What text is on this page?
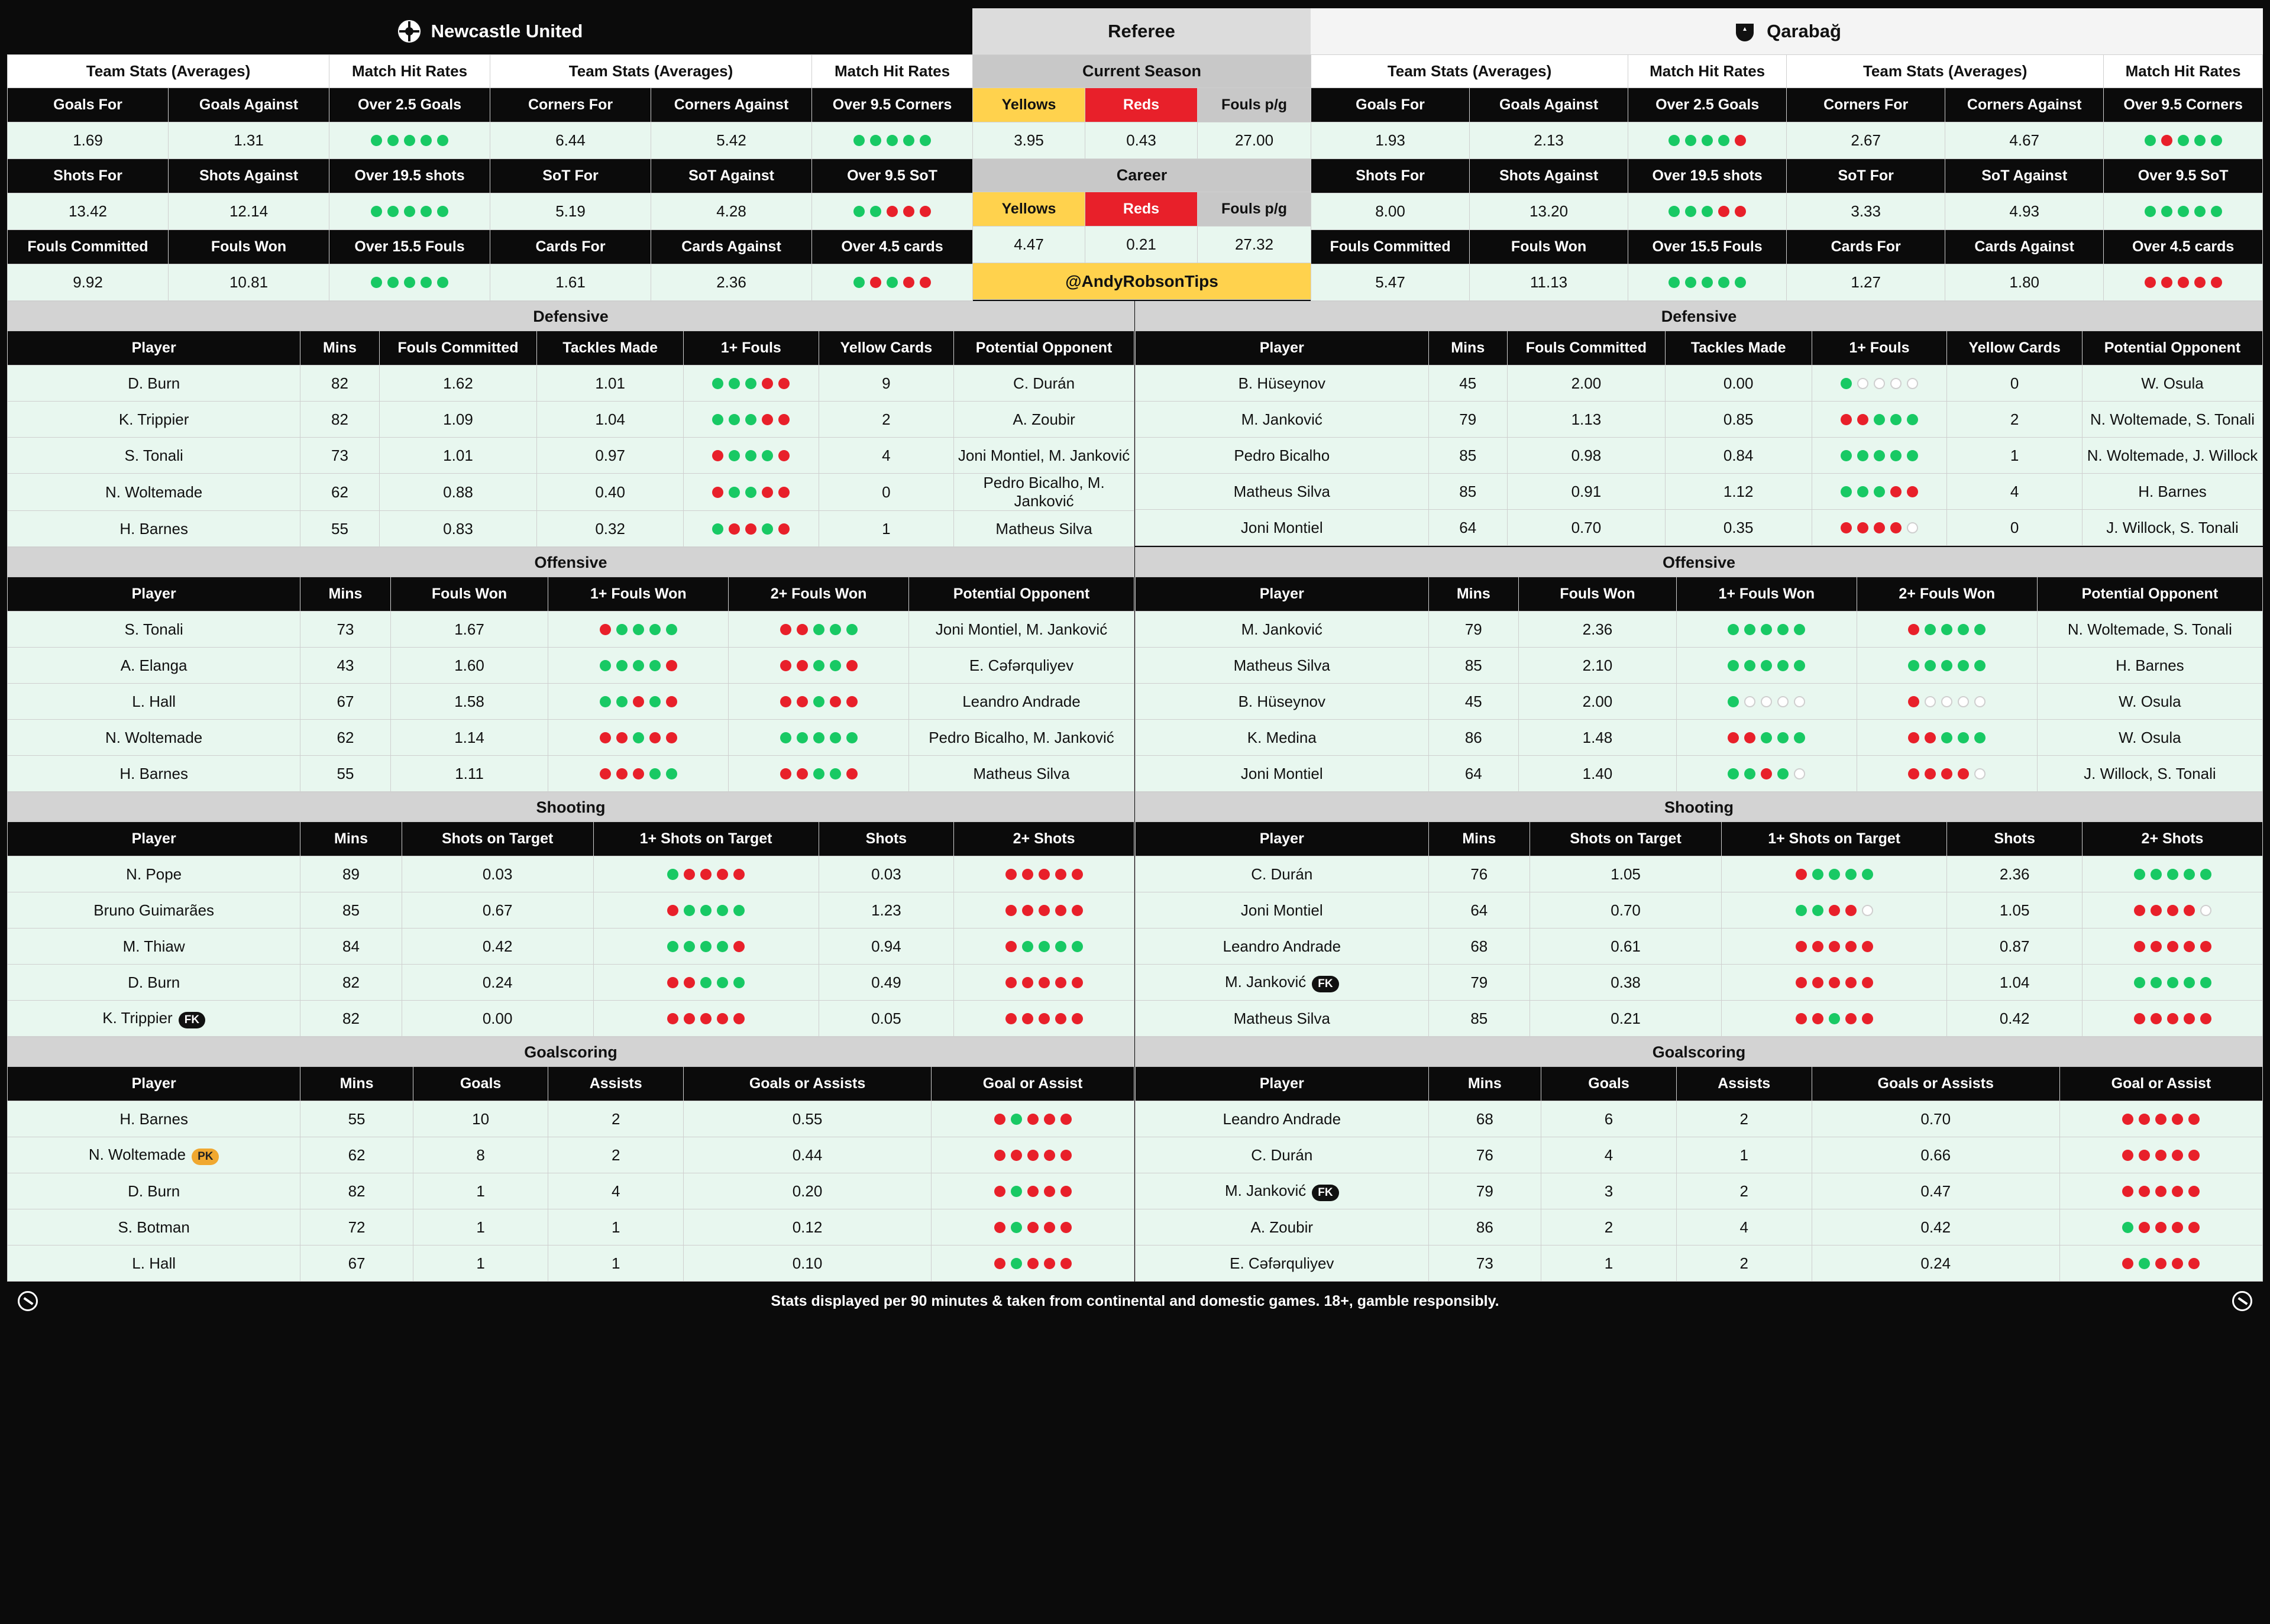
Newcastle United	Referee	Qarabağ
Team Stats (Averages)		Match Hit Rates	Team Stats (Averages)		Match Hit Rates
Goals For	Goals Against	Over 2.5 Goals	Corners For	Corners Against	Over 9.5 Corners
1.69	1.31		6.44	5.42	

Shots For	Shots Against	Over 19.5 shots	SoT For	SoT Against	Over 9.5 SoT
13.42	12.14		5.19	4.28	

Fouls Committed	Fouls Won	Over 15.5 Fouls	Cards For	Cards Against	Over 4.5 cards
9.92	10.81		1.61	2.36	
Current Season		
Yellows	Reds	Fouls p/g
3.95	0.43	27.00
Career		
Yellows	Reds	Fouls p/g
4.47	0.21	27.32
@AndyRobsonTips		
Team Stats (Averages)		Match Hit Rates	Team Stats (Averages)		Match Hit Rates
Goals For	Goals Against	Over 2.5 Goals	Corners For	Corners Against	Over 9.5 Corners
1.93	2.13		2.67	4.67	

Shots For	Shots Against	Over 19.5 shots	SoT For	SoT Against	Over 9.5 SoT
8.00	13.20		3.33	4.93	

Fouls Committed	Fouls Won	Over 15.5 Fouls	Cards For	Cards Against	Over 4.5 cards
5.47	11.13		1.27	1.80	
Defensive
Player	Mins	Fouls Committed	Tackles Made	1+ Fouls	Yellow Cards	Potential Opponent
D. Burn	82	1.62	1.01		9	C. Durán
K. Trippier	82	1.09	1.04		2	A. Zoubir
S. Tonali	73	1.01	0.97		4	Joni Montiel, M. Janković
N. Woltemade	62	0.88	0.40		0	Pedro Bicalho, M. Janković
H. Barnes	55	0.83	0.32		1	Matheus Silva
Defensive
Player	Mins	Fouls Committed	Tackles Made	1+ Fouls	Yellow Cards	Potential Opponent
B. Hüseynov	45	2.00	0.00		0	W. Osula
M. Janković	79	1.13	0.85		2	N. Woltemade, S. Tonali
Pedro Bicalho	85	0.98	0.84		1	N. Woltemade, J. Willock
Matheus Silva	85	0.91	1.12		4	H. Barnes
Joni Montiel	64	0.70	0.35		0	J. Willock, S. Tonali
Offensive
Player	Mins	Fouls Won	1+ Fouls Won	2+ Fouls Won	Potential Opponent
S. Tonali	73	1.67			Joni Montiel, M. Janković
A. Elanga	43	1.60			E. Cəfərquliyev
L. Hall	67	1.58			Leandro Andrade
N. Woltemade	62	1.14			Pedro Bicalho, M. Janković
H. Barnes	55	1.11			Matheus Silva
Offensive
Player	Mins	Fouls Won	1+ Fouls Won	2+ Fouls Won	Potential Opponent
M. Janković	79	2.36			N. Woltemade, S. Tonali
Matheus Silva	85	2.10			H. Barnes
B. Hüseynov	45	2.00			W. Osula
K. Medina	86	1.48			W. Osula
Joni Montiel	64	1.40			J. Willock, S. Tonali
Shooting
Player	Mins	Shots on Target	1+ Shots on Target	Shots	2+ Shots
N. Pope	89	0.03		0.03	

Bruno Guimarães	85	0.67		1.23	

M. Thiaw	84	0.42		0.94	

D. Burn	82	0.24		0.49	

K. Trippier FK	82	0.00		0.05	
Shooting
Player	Mins	Shots on Target	1+ Shots on Target	Shots	2+ Shots
C. Durán	76	1.05		2.36	

Joni Montiel	64	0.70		1.05	

Leandro Andrade	68	0.61		0.87	

M. Janković FK	79	0.38		1.04	

Matheus Silva	85	0.21		0.42	
Goalscoring
Player	Mins	Goals	Assists	Goals or Assists	Goal or Assist
H. Barnes	55	10	2	0.55	

N. Woltemade PK	62	8	2	0.44	

D. Burn	82	1	4	0.20	

S. Botman	72	1	1	0.12	

L. Hall	67	1	1	0.10	
Goalscoring
Player	Mins	Goals	Assists	Goals or Assists	Goal or Assist
Leandro Andrade	68	6	2	0.70	

C. Durán	76	4	1	0.66	

M. Janković FK	79	3	2	0.47	

A. Zoubir	86	2	4	0.42	

E. Cəfərquliyev	73	1	2	0.24	
Stats displayed per 90 minutes & taken from continental and domestic games. 18+, gamble responsibly.
